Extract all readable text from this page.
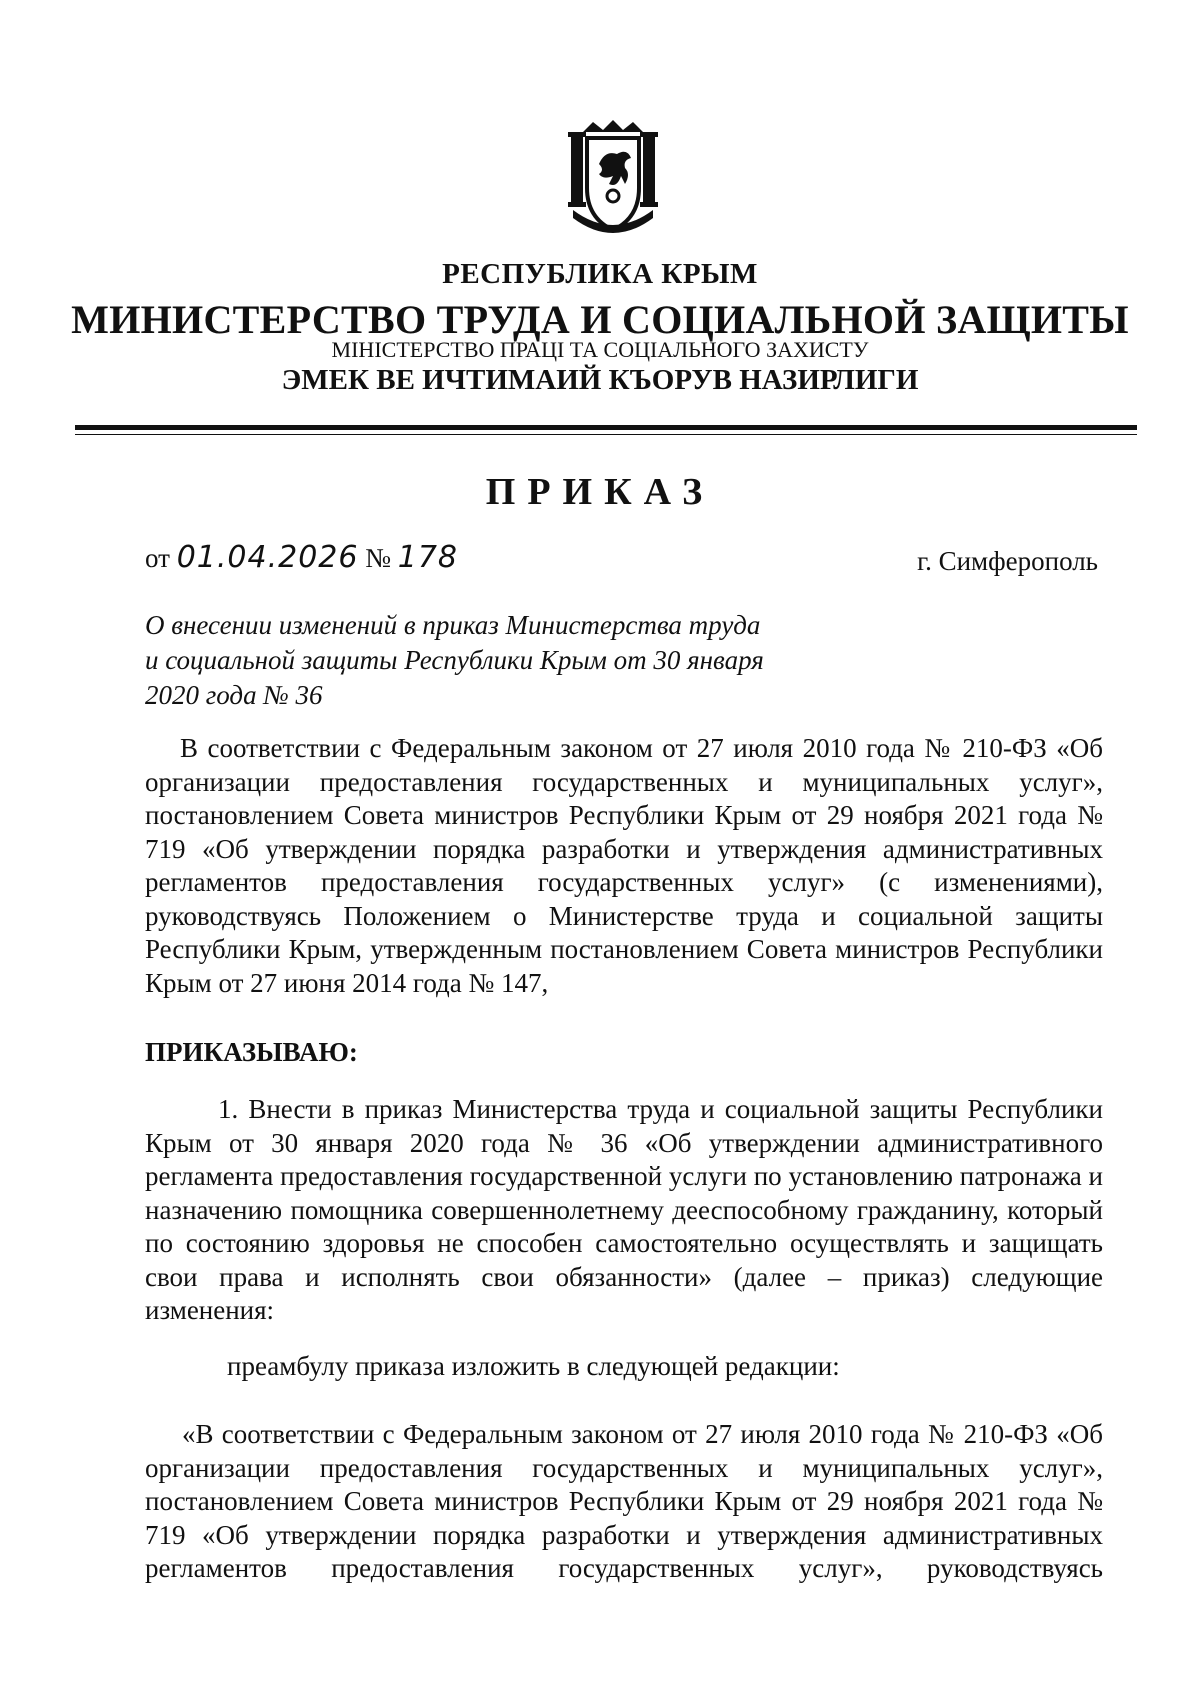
РЕСПУБЛИКА КРЫМ
МИНИСТЕРСТВО ТРУДА И СОЦИАЛЬНОЙ ЗАЩИТЫ
МІНІСТЕРСТВО ПРАЦІ ТА СОЦІАЛЬНОГО ЗАХИСТУ
ЭМЕК ВЕ ИЧТИМАИЙ КЪОРУВ НАЗИРЛИГИ
ПРИКАЗ
от 01.04.2026 № 178	г. Симферополь
О внесении изменений в приказ Министерства труда и социальной защиты Республики Крым от 30 января 2020 года № 36
В соответствии с Федеральным законом от 27 июля 2010 года № 210-ФЗ «Об организации предоставления государственных и муниципальных услуг», постановлением Совета министров Республики Крым от 29 ноября 2021 года № 719 «Об утверждении порядка разработки и утверждения административных регламентов предоставления государственных услуг» (с изменениями), руководствуясь Положением о Министерстве труда и социальной защиты Республики Крым, утвержденным постановлением Совета министров Республики Крым от 27 июня 2014 года № 147,
ПРИКАЗЫВАЮ:
1. Внести в приказ Министерства труда и социальной защиты Республики Крым от 30 января 2020 года № 36 «Об утверждении административного регламента предоставления государственной услуги по установлению патронажа и назначению помощника совершеннолетнему дееспособному гражданину, который по состоянию здоровья не способен самостоятельно осуществлять и защищать свои права и исполнять свои обязанности» (далее – приказ) следующие изменения:
преамбулу приказа изложить в следующей редакции:
«В соответствии с Федеральным законом от 27 июля 2010 года № 210-ФЗ «Об организации предоставления государственных и муниципальных услуг», постановлением Совета министров Республики Крым от 29 ноября 2021 года № 719 «Об утверждении порядка разработки и утверждения административных регламентов предоставления государственных услуг», руководствуясь
